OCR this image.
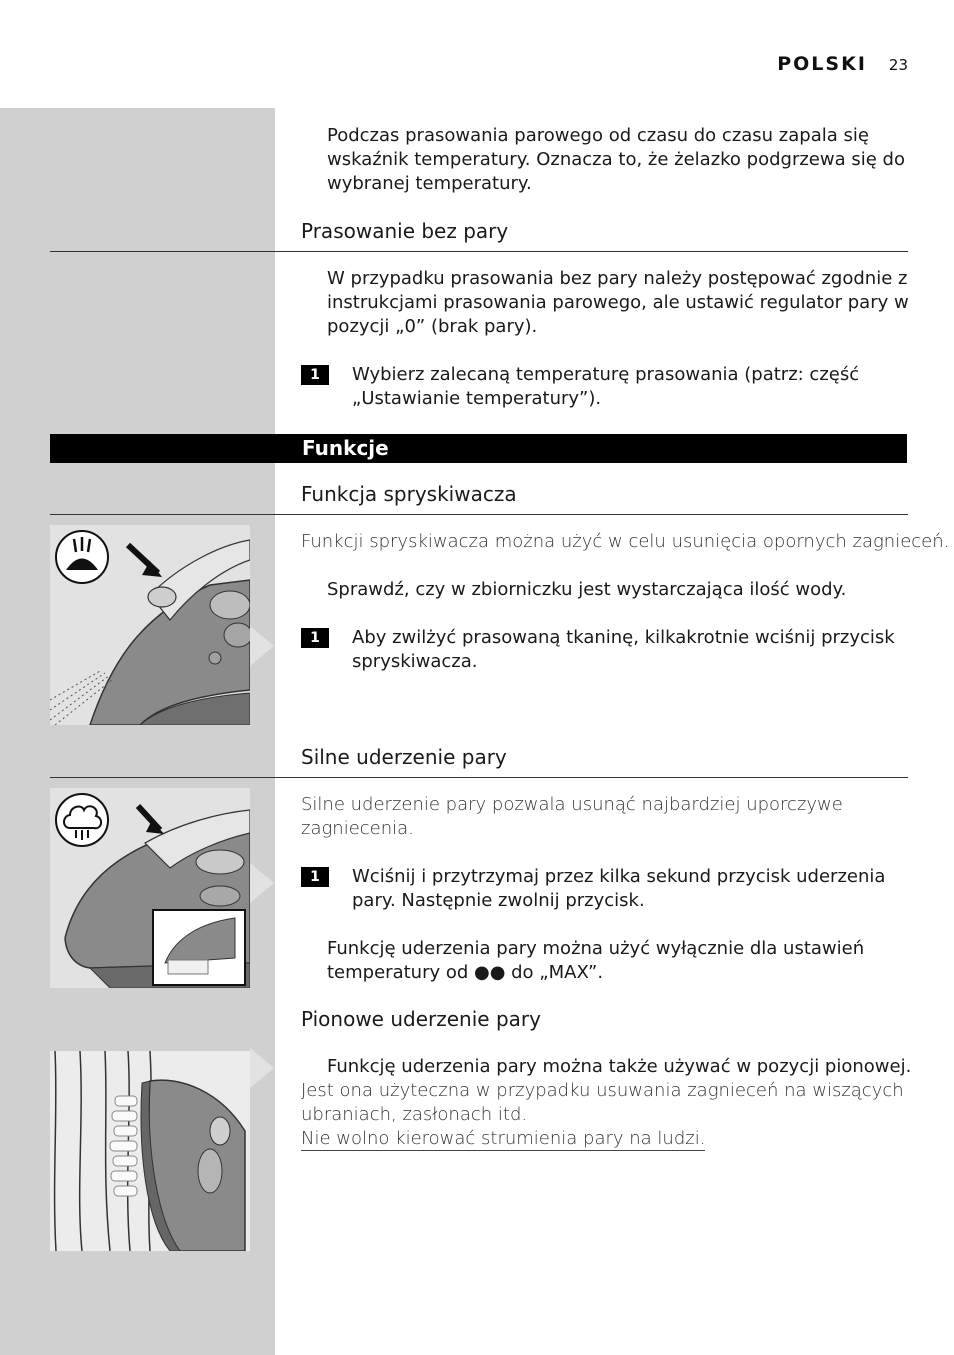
POLSKI 23
Podczas prasowania parowego od czasu do czasu zapala się
wskaźnik temperatury. Oznacza to, że żelazko podgrzewa się do
wybranej temperatury.
Prasowanie bez pary
W przypadku prasowania bez pary należy postępować zgodnie z
instrukcjami prasowania parowego, ale ustawić regulator pary w
pozycji „0” (brak pary).
1	Wybierz zalecaną temperaturę prasowania (patrz: część
„Ustawianie temperatury”).
Funkcje
Funkcja spryskiwacza
Funkcji spryskiwacza można użyć w celu usunięcia opornych zagnieceń.
Sprawdź, czy w zbiorniczku jest wystarczająca ilość wody.
1	Aby zwilżyć prasowaną tkaninę, kilkakrotnie wciśnij przycisk
spryskiwacza.
Silne uderzenie pary
Silne uderzenie pary pozwala usunąć najbardziej uporczywe
zagniecenia.
1	Wciśnij i przytrzymaj przez kilka sekund przycisk uderzenia
pary. Następnie zwolnij przycisk.
Funkcję uderzenia pary można użyć wyłącznie dla ustawień
temperatury od ●● do „MAX”.
Pionowe uderzenie pary
Funkcję uderzenia pary można także używać w pozycji pionowej.
Jest ona użyteczna w przypadku usuwania zagnieceń na wiszących
ubraniach, zasłonach itd.
Nie wolno kierować strumienia pary na ludzi.
